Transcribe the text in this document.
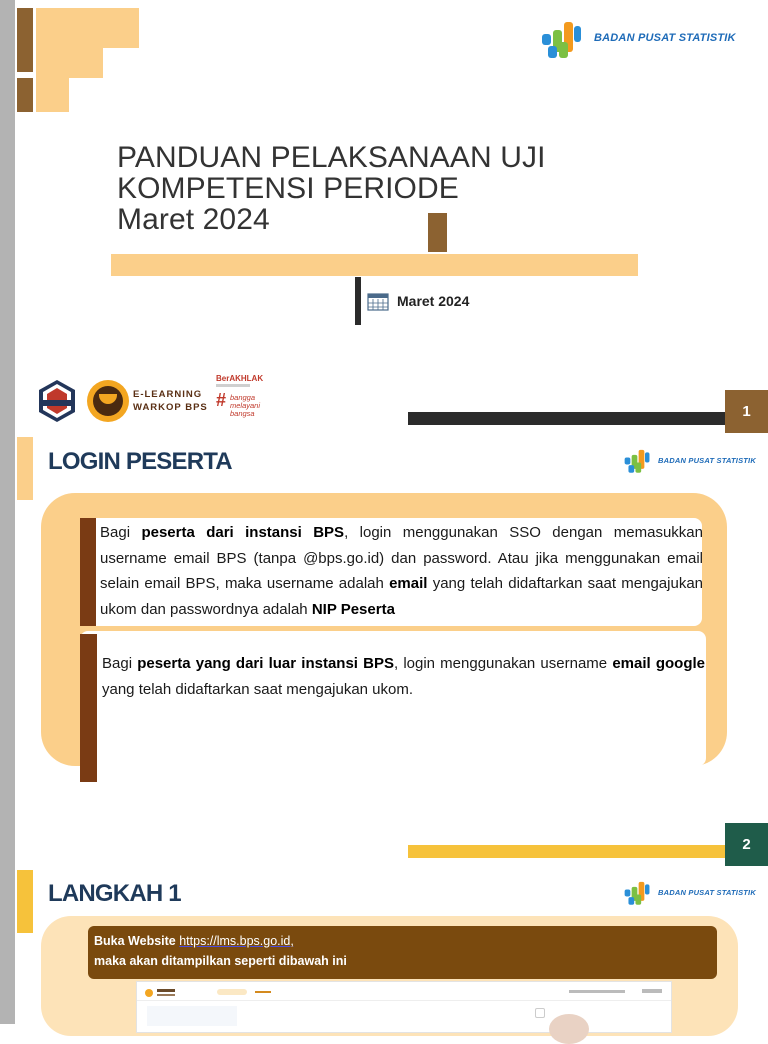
BADAN PUSAT STATISTIK
PANDUAN PELAKSANAAN UJI
KOMPETENSI PERIODE
Maret 2024
Maret 2024
E-LEARNING
WARKOP BPS
BerAKHLAK
# bangga
melayani
bangsa	1
LOGIN PESERTA	BADAN PUSAT STATISTIK
Bagi peserta dari instansi BPS, login menggunakan SSO dengan memasukkan username email BPS (tanpa @bps.go.id) dan password. Atau jika menggunakan email selain email BPS, maka username adalah email yang telah didaftarkan saat mengajukan ukom dan passwordnya adalah NIP Peserta
Bagi peserta yang dari luar instansi BPS, login menggunakan username email google yang telah didaftarkan saat mengajukan ukom.
2
LANGKAH 1	BADAN PUSAT STATISTIK
Buka Website https://lms.bps.go.id,
maka akan ditampilkan seperti dibawah ini
